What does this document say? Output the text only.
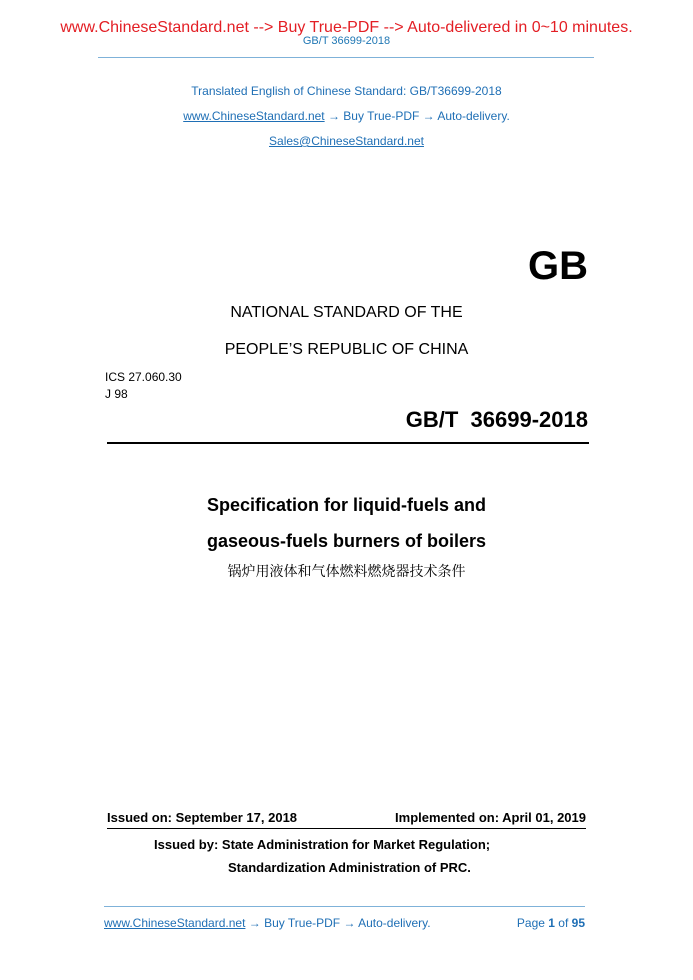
www.ChineseStandard.net --> Buy True-PDF --> Auto-delivered in 0~10 minutes.
GB/T 36699-2018
Translated English of Chinese Standard: GB/T36699-2018
www.ChineseStandard.net → Buy True-PDF → Auto-delivery.
Sales@ChineseStandard.net
GB
NATIONAL STANDARD OF THE
PEOPLE’S REPUBLIC OF CHINA
ICS 27.060.30
J 98
GB/T  36699-2018
Specification for liquid-fuels and
gaseous-fuels burners of boilers
锅炉用液体和气体燃料燃烧器技术条件
Issued on: September 17, 2018	Implemented on: April 01, 2019
Issued by: State Administration for Market Regulation;
Standardization Administration of PRC.
www.ChineseStandard.net → Buy True-PDF → Auto-delivery.	Page 1 of 95
